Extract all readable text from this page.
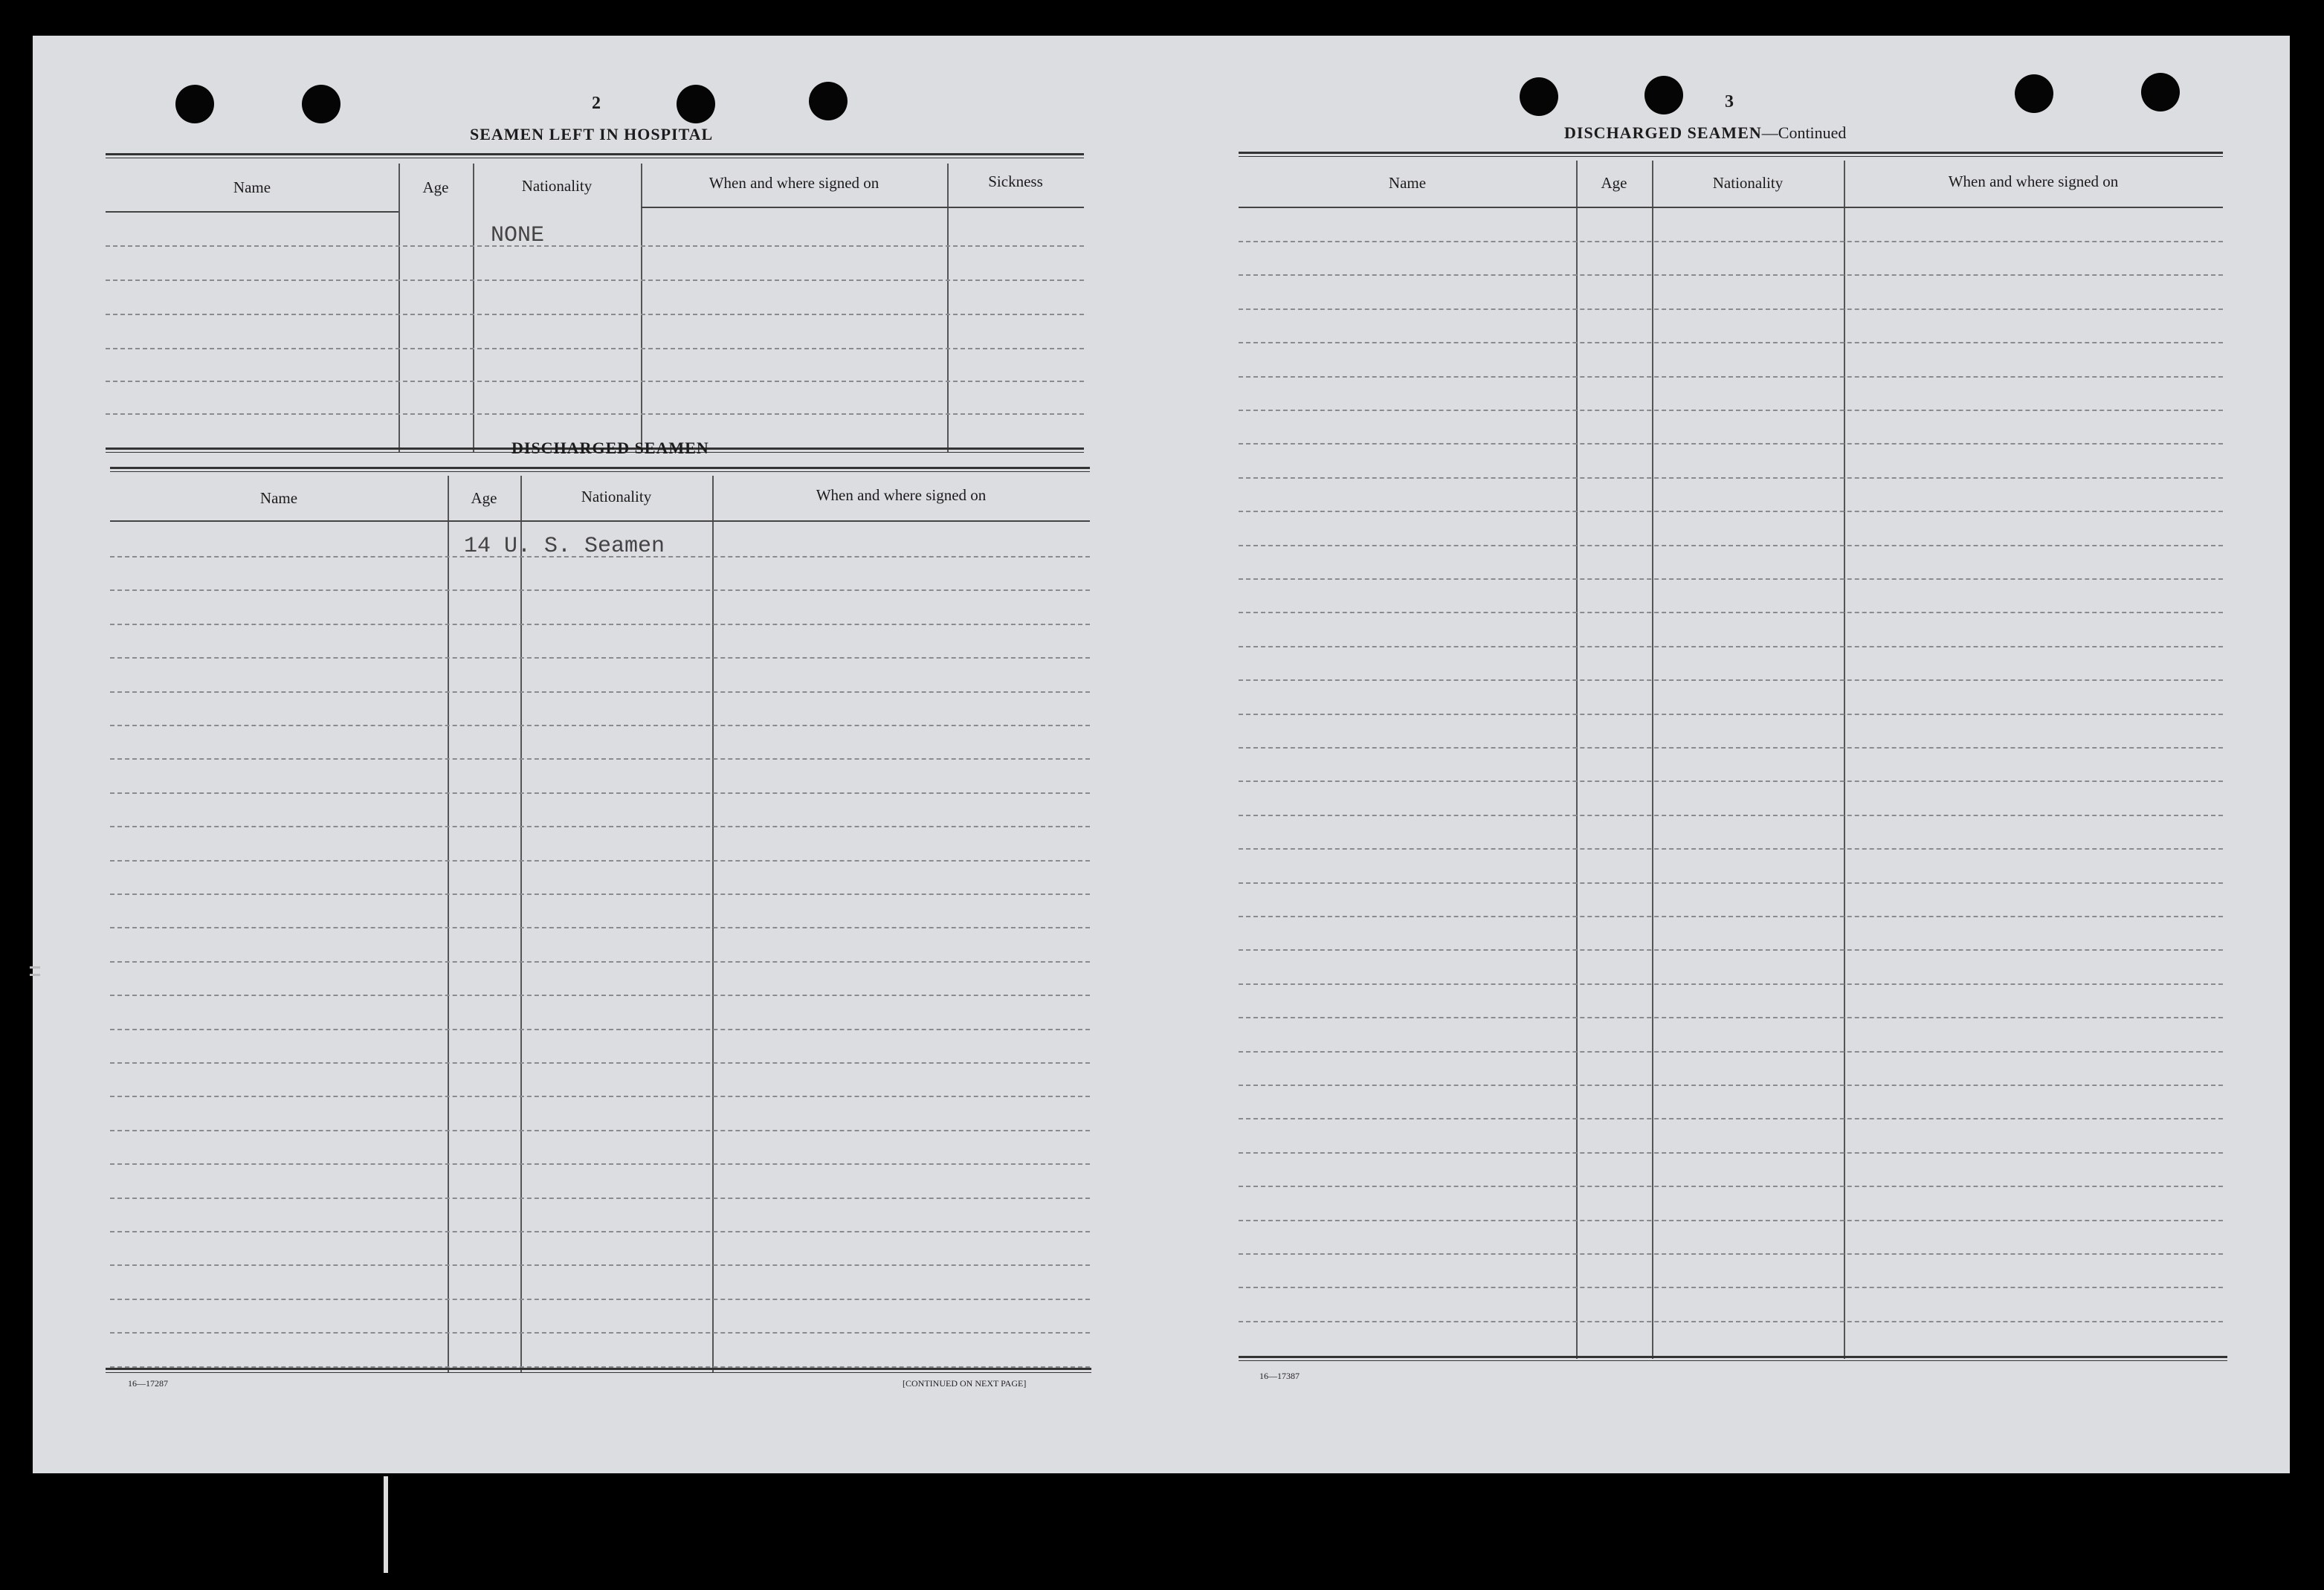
2
SEAMEN LEFT IN HOSPITAL
Name	Age	Nationality	When and where signed on	Sickness
NONE
DISCHARGED SEAMEN
Name	Age	Nationality	When and where signed on
14 U. S. Seamen
16—17287	[CONTINUED ON NEXT PAGE]
3
DISCHARGED SEAMEN—Continued
Name	Age	Nationality	When and where signed on
16—17387
